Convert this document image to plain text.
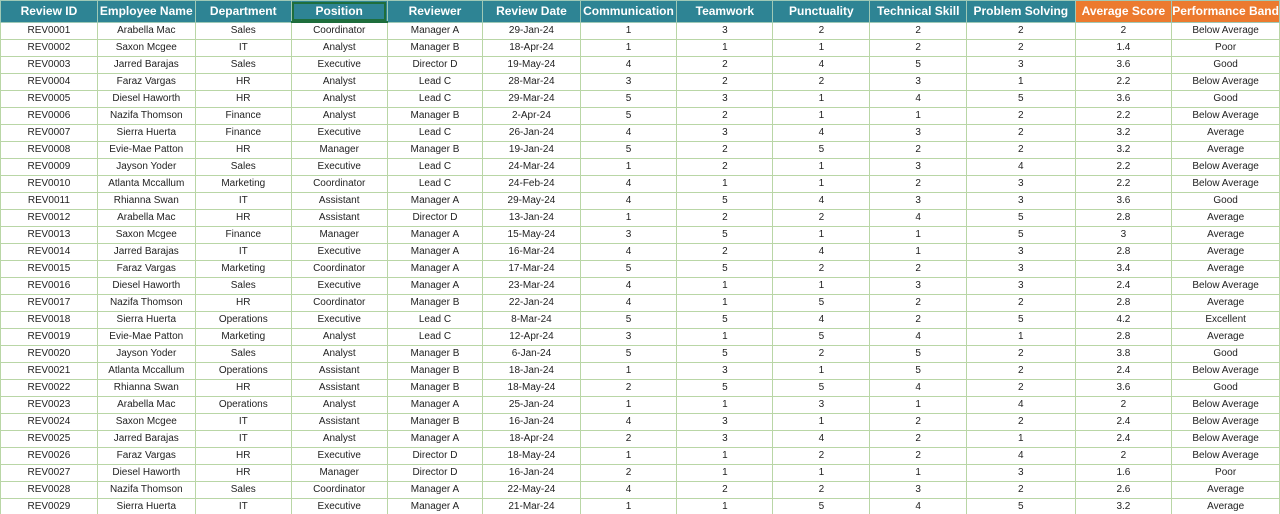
Review ID	Employee Name	Department	Position	Reviewer	Review Date	Communication	Teamwork	Punctuality	Technical Skill	Problem Solving	Average Score	Performance Band
REV0001	Arabella Mac	Sales	Coordinator	Manager A	29-Jan-24	1	3	2	2	2	2	Below Average
REV0002	Saxon Mcgee	IT	Analyst	Manager B	18-Apr-24	1	1	1	2	2	1.4	Poor
REV0003	Jarred Barajas	Sales	Executive	Director D	19-May-24	4	2	4	5	3	3.6	Good
REV0004	Faraz Vargas	HR	Analyst	Lead C	28-Mar-24	3	2	2	3	1	2.2	Below Average
REV0005	Diesel Haworth	HR	Analyst	Lead C	29-Mar-24	5	3	1	4	5	3.6	Good
REV0006	Nazifa Thomson	Finance	Analyst	Manager B	2-Apr-24	5	2	1	1	2	2.2	Below Average
REV0007	Sierra Huerta	Finance	Executive	Lead C	26-Jan-24	4	3	4	3	2	3.2	Average
REV0008	Evie-Mae Patton	HR	Manager	Manager B	19-Jan-24	5	2	5	2	2	3.2	Average
REV0009	Jayson Yoder	Sales	Executive	Lead C	24-Mar-24	1	2	1	3	4	2.2	Below Average
REV0010	Atlanta Mccallum	Marketing	Coordinator	Lead C	24-Feb-24	4	1	1	2	3	2.2	Below Average
REV0011	Rhianna Swan	IT	Assistant	Manager A	29-May-24	4	5	4	3	3	3.6	Good
REV0012	Arabella Mac	HR	Assistant	Director D	13-Jan-24	1	2	2	4	5	2.8	Average
REV0013	Saxon Mcgee	Finance	Manager	Manager A	15-May-24	3	5	1	1	5	3	Average
REV0014	Jarred Barajas	IT	Executive	Manager A	16-Mar-24	4	2	4	1	3	2.8	Average
REV0015	Faraz Vargas	Marketing	Coordinator	Manager A	17-Mar-24	5	5	2	2	3	3.4	Average
REV0016	Diesel Haworth	Sales	Executive	Manager A	23-Mar-24	4	1	1	3	3	2.4	Below Average
REV0017	Nazifa Thomson	HR	Coordinator	Manager B	22-Jan-24	4	1	5	2	2	2.8	Average
REV0018	Sierra Huerta	Operations	Executive	Lead C	8-Mar-24	5	5	4	2	5	4.2	Excellent
REV0019	Evie-Mae Patton	Marketing	Analyst	Lead C	12-Apr-24	3	1	5	4	1	2.8	Average
REV0020	Jayson Yoder	Sales	Analyst	Manager B	6-Jan-24	5	5	2	5	2	3.8	Good
REV0021	Atlanta Mccallum	Operations	Assistant	Manager B	18-Jan-24	1	3	1	5	2	2.4	Below Average
REV0022	Rhianna Swan	HR	Assistant	Manager B	18-May-24	2	5	5	4	2	3.6	Good
REV0023	Arabella Mac	Operations	Analyst	Manager A	25-Jan-24	1	1	3	1	4	2	Below Average
REV0024	Saxon Mcgee	IT	Assistant	Manager B	16-Jan-24	4	3	1	2	2	2.4	Below Average
REV0025	Jarred Barajas	IT	Analyst	Manager A	18-Apr-24	2	3	4	2	1	2.4	Below Average
REV0026	Faraz Vargas	HR	Executive	Director D	18-May-24	1	1	2	2	4	2	Below Average
REV0027	Diesel Haworth	HR	Manager	Director D	16-Jan-24	2	1	1	1	3	1.6	Poor
REV0028	Nazifa Thomson	Sales	Coordinator	Manager A	22-May-24	4	2	2	3	2	2.6	Average
REV0029	Sierra Huerta	IT	Executive	Manager A	21-Mar-24	1	1	5	4	5	3.2	Average
